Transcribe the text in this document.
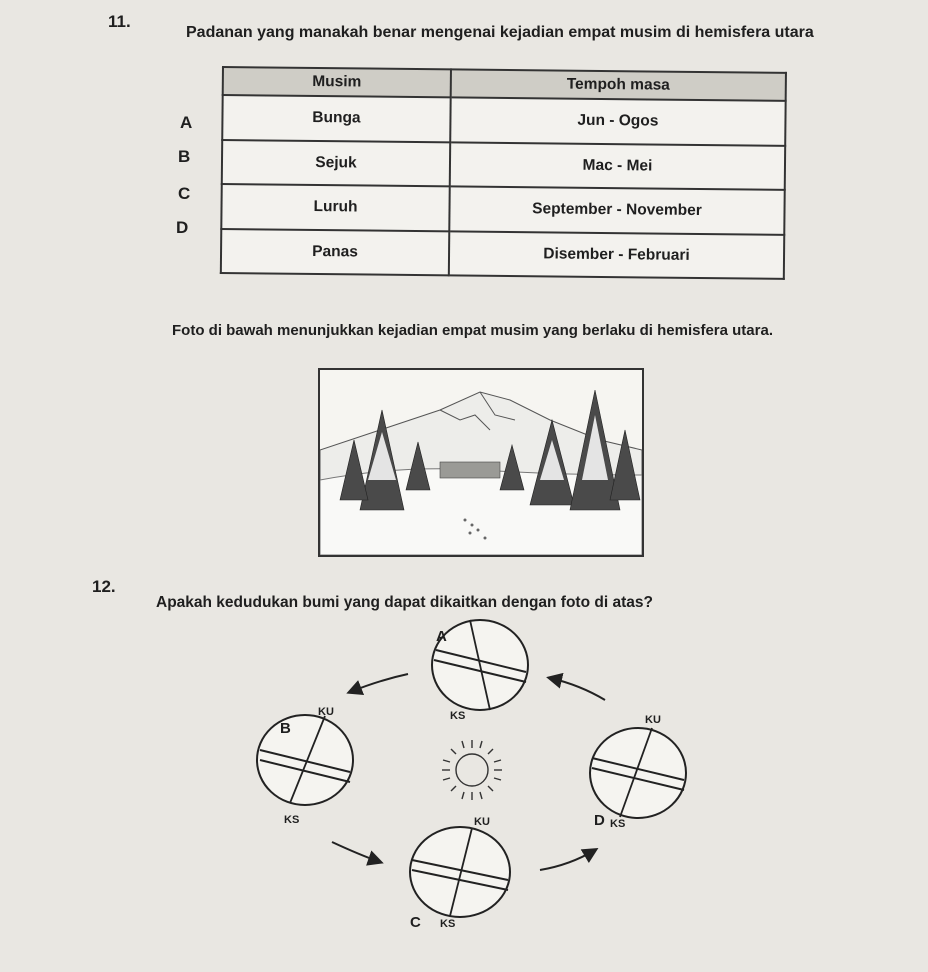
11.
Padanan yang manakah benar mengenai kejadian empat musim di hemisfera utara
A
B
C
D
Musim	Tempoh masa
Bunga	Jun - Ogos
Sejuk	Mac - Mei
Luruh	September - November
Panas	Disember - Februari
Foto di bawah menunjukkan kejadian empat musim yang berlaku di hemisfera utara.
12.
Apakah kedudukan bumi yang dapat dikaitkan dengan foto di atas?
A
KS
B
KU
KS
KU
D KS
KU
C KS
